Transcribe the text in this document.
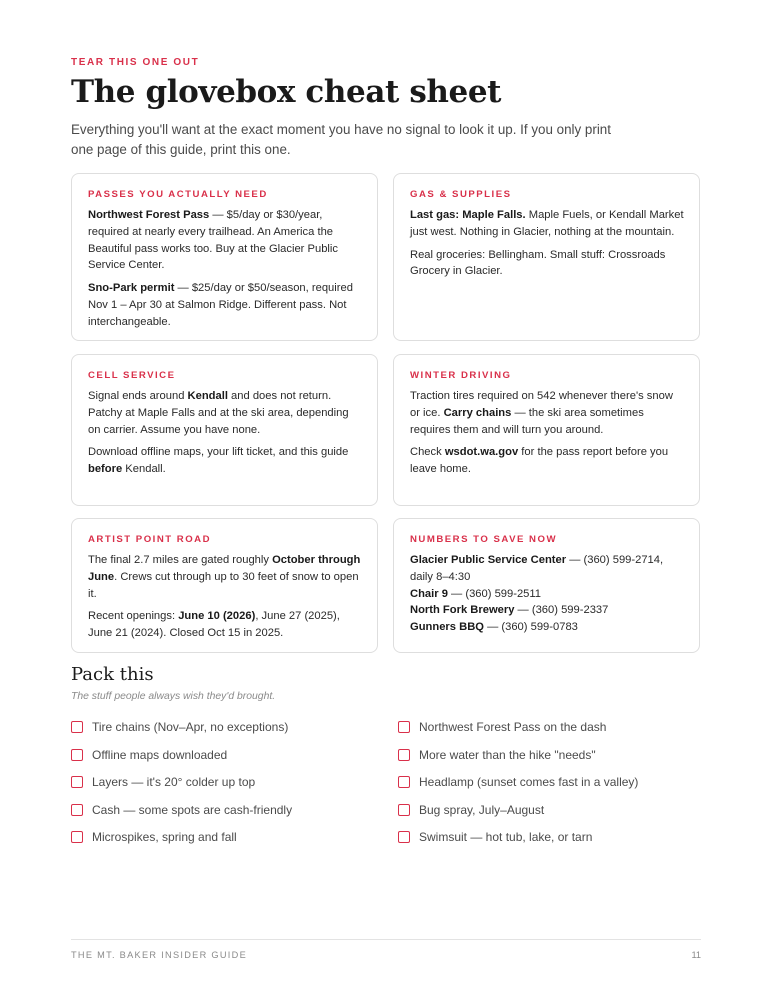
TEAR THIS ONE OUT
The glovebox cheat sheet

Everything you'll want at the exact moment you have no signal to look it up. If you only print one page of this guide, print this one.

PASSES YOU ACTUALLY NEED

Northwest Forest Pass — $5/day or $30/year, required at nearly every trailhead. An America the Beautiful pass works too. Buy at the Glacier Public Service Center.

Sno-Park permit — $25/day or $50/season, required Nov 1 – Apr 30 at Salmon Ridge. Different pass. Not interchangeable.

GAS & SUPPLIES

Last gas: Maple Falls. Maple Fuels, or Kendall Market just west. Nothing in Glacier, nothing at the mountain.

Real groceries: Bellingham. Small stuff: Crossroads Grocery in Glacier.

CELL SERVICE

Signal ends around Kendall and does not return. Patchy at Maple Falls and at the ski area, depending on carrier. Assume you have none.

Download offline maps, your lift ticket, and this guide before Kendall.

WINTER DRIVING

Traction tires required on 542 whenever there's snow or ice. Carry chains — the ski area sometimes requires them and will turn you around.

Check wsdot.wa.gov for the pass report before you leave home.

ARTIST POINT ROAD

The final 2.7 miles are gated roughly October through June. Crews cut through up to 30 feet of snow to open it.

Recent openings: June 10 (2026), June 27 (2025), June 21 (2024). Closed Oct 15 in 2025.

NUMBERS TO SAVE NOW

Glacier Public Service Center — (360) 599-2714, daily 8–4:30

Chair 9 — (360) 599-2511

North Fork Brewery — (360) 599-2337

Gunners BBQ — (360) 599-0783

Pack this

The stuff people always wish they'd brought.

Tire chains (Nov–Apr, no exceptions)
Offline maps downloaded
Layers — it's 20° colder up top
Cash — some spots are cash-friendly
Microspikes, spring and fall
Northwest Forest Pass on the dash
More water than the hike "needs"
Headlamp (sunset comes fast in a valley)
Bug spray, July–August
Swimsuit — hot tub, lake, or tarn
THE MT. BAKER INSIDER GUIDE	11
